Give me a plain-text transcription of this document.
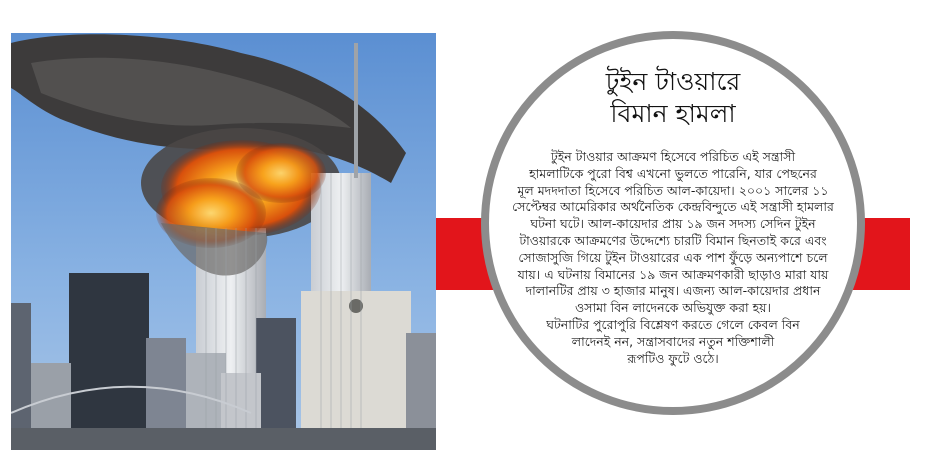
টুইন টাওয়ারে
বিমান হামলা
টুইন টাওয়ার আক্রমণ হিসেবে পরিচিত এই সন্ত্রাসী
হামলাটিকে পুরো বিশ্ব এখনো ভুলতে পারেনি, যার পেছনের
মূল মদদদাতা হিসেবে পরিচিত আল-কায়েদা। ২০০১ সালের ১১
সেপ্টেম্বর আমেরিকার অর্থনৈতিক কেন্দ্রবিন্দুতে এই সন্ত্রাসী হামলার
ঘটনা ঘটে। আল-কায়েদার প্রায় ১৯ জন সদস্য সেদিন টুইন
টাওয়ারকে আক্রমণের উদ্দেশ্যে চারটি বিমান ছিনতাই করে এবং
সোজাসুজি গিয়ে টুইন টাওয়ারের এক পাশ ফুঁড়ে অন্যপাশে চলে
যায়। এ ঘটনায় বিমানের ১৯ জন আক্রমণকারী ছাড়াও মারা যায়
দালানটির প্রায় ৩ হাজার মানুষ। এজন্য আল-কায়েদার প্রধান
ওসামা বিন লাদেনকে অভিযুক্ত করা হয়।
ঘটনাটির পুরোপুরি বিশ্লেষণ করতে গেলে কেবল বিন
লাদেনই নন, সন্ত্রাসবাদের নতুন শক্তিশালী
রূপটিও ফুটে ওঠে।
